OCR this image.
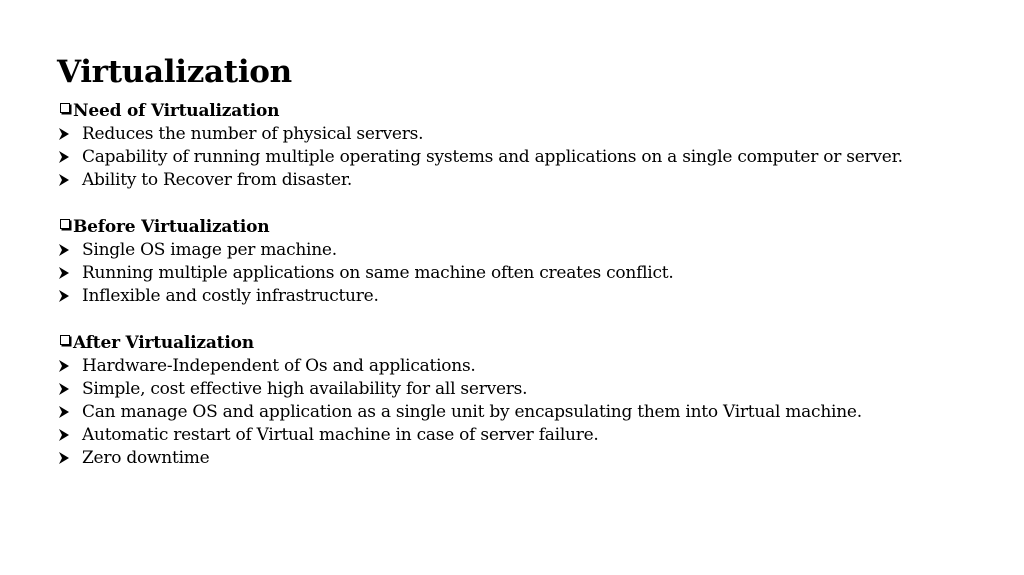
Virtualization
Need of Virtualization
Reduces the number of physical servers.
Capability of running multiple operating systems and applications on a single computer or server.
Ability to Recover from disaster.
Before Virtualization
Single OS image per machine.
Running multiple applications on same machine often creates conflict.
Inflexible and costly infrastructure.
After Virtualization
Hardware-Independent of Os and applications.
Simple, cost effective high availability for all servers.
Can manage OS and application as a single unit by encapsulating them into Virtual machine.
Automatic restart of Virtual machine in case of server failure.
Zero downtime
